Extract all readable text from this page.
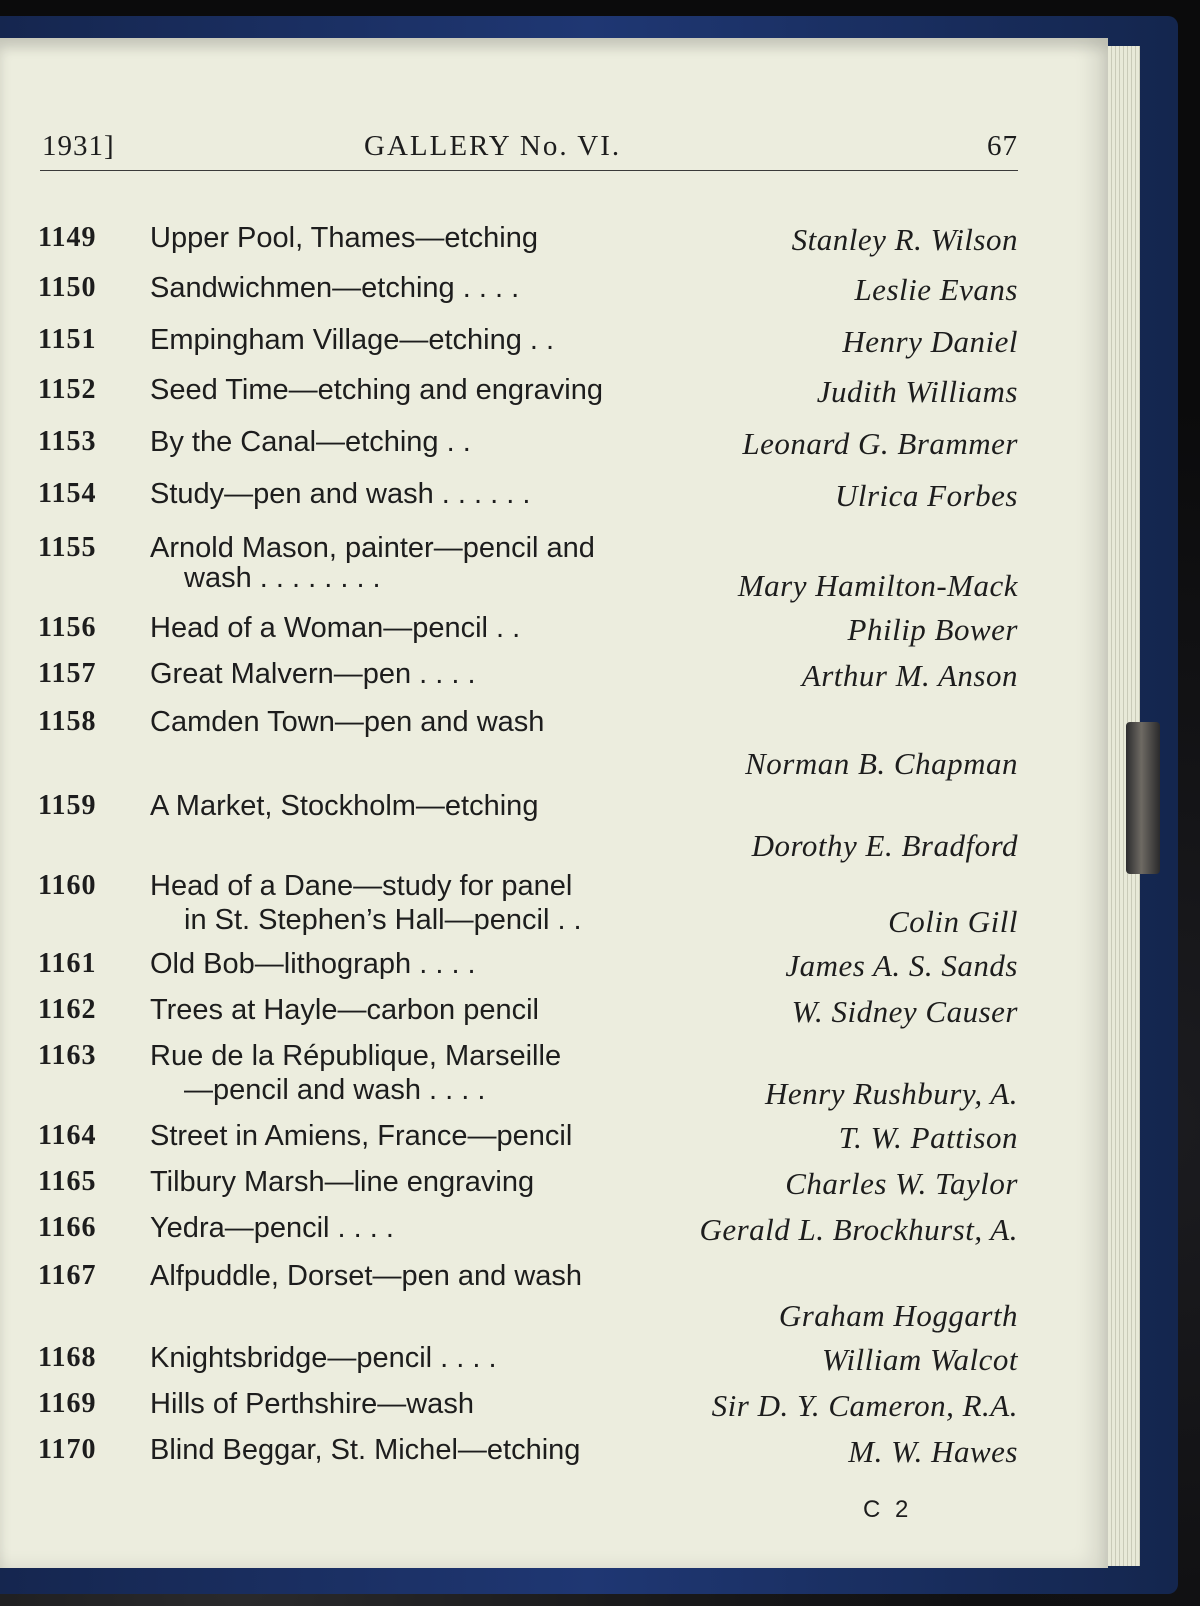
1931]	GALLERY No. VI.	67
1149 Upper Pool, Thames—etching	Stanley R. Wilson
1150 Sandwichmen—etching . . . .	Leslie Evans
1151 Empingham Village—etching . .	Henry Daniel
1152 Seed Time—etching and engraving	Judith Williams
1153 By the Canal—etching . .	Leonard G. Brammer
1154 Study—pen and wash . . . . . .	Ulrica Forbes
1155 Arnold Mason, painter—pencil and
wash . . . . . . . .	Mary Hamilton-Mack
1156 Head of a Woman—pencil . .	Philip Bower
1157 Great Malvern—pen . . . .	Arthur M. Anson
1158 Camden Town—pen and wash
Norman B. Chapman
1159 A Market, Stockholm—etching
Dorothy E. Bradford
1160 Head of a Dane—study for panel
in St. Stephen’s Hall—pencil . .	Colin Gill
1161 Old Bob—lithograph . . . .	James A. S. Sands
1162 Trees at Hayle—carbon pencil	W. Sidney Causer
1163 Rue de la République, Marseille
—pencil and wash . . . .	Henry Rushbury, A.
1164 Street in Amiens, France—pencil	T. W. Pattison
1165 Tilbury Marsh—line engraving	Charles W. Taylor
1166 Yedra—pencil . . . .	Gerald L. Brockhurst, A.
1167 Alfpuddle, Dorset—pen and wash
Graham Hoggarth
1168 Knightsbridge—pencil . . . .	William Walcot
1169 Hills of Perthshire—wash	Sir D. Y. Cameron, R.A.
1170 Blind Beggar, St. Michel—etching	M. W. Hawes
C 2
